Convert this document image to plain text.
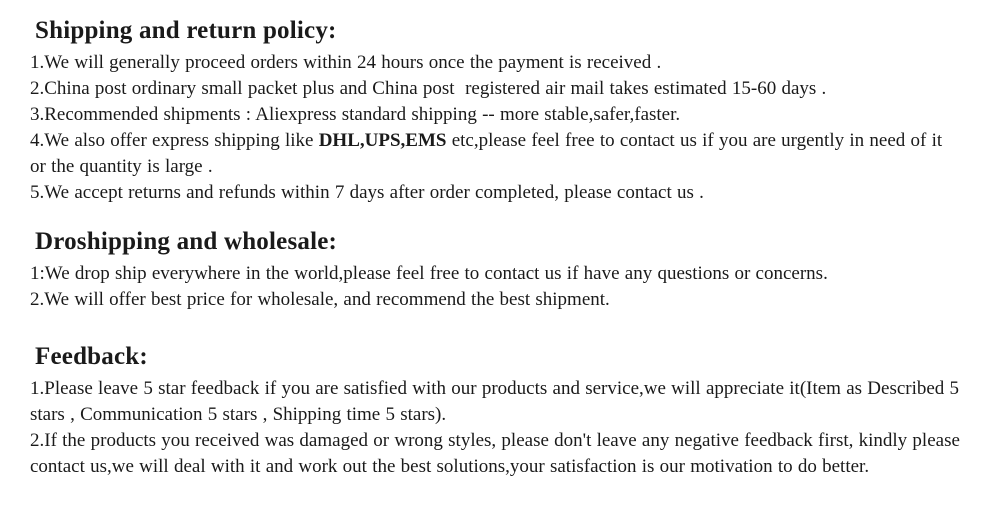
Shipping and return policy:

1.We will generally proceed orders within 24 hours once the payment is received .

2.China post ordinary small packet plus and China post  registered air mail takes estimated 15-60 days .

3.Recommended shipments : Aliexpress standard shipping -- more stable,safer,faster.

4.We also offer express shipping like DHL,UPS,EMS etc,please feel free to contact us if you are urgently in need of it or the quantity is large .

5.We accept returns and refunds within 7 days after order completed, please contact us .

Droshipping and wholesale:

1:We drop ship everywhere in the world,please feel free to contact us if have any questions or concerns.

2.We will offer best price for wholesale, and recommend the best shipment.

Feedback:

1.Please leave 5 star feedback if you are satisfied with our products and service,we will appreciate it(Item as Described 5 stars , Communication 5 stars , Shipping time 5 stars).

2.If the products you received was damaged or wrong styles, please don't leave any negative feedback first, kindly please contact us,we will deal with it and work out the best solutions,your satisfaction is our motivation to do better.
